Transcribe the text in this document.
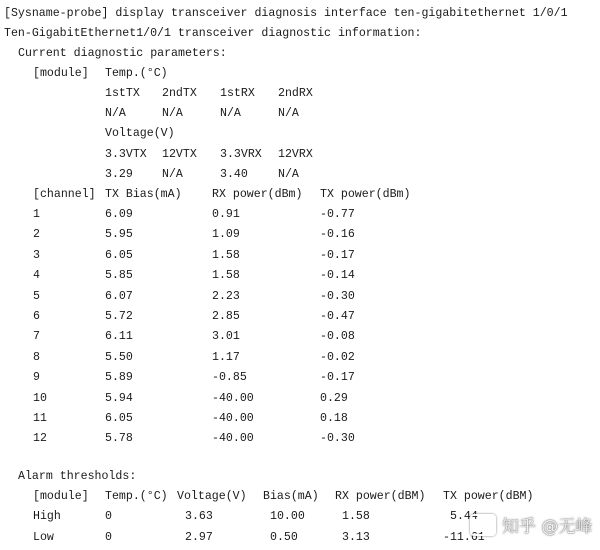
[Sysname-probe] display transceiver diagnosis interface ten-gigabitethernet 1/0/1
Ten-GigabitEthernet1/0/1 transceiver diagnostic information:
Current diagnostic parameters:
[module] Temp.(°C)
1stTX 2ndTX 1stRX 2ndRX
N/A	N/A	N/A	N/A
Voltage(V)
3.3VTX 12VTX 3.3VRX 12VRX
3.29	N/A	3.40	N/A
[channel] TX Bias(mA)	RX power(dBm) TX power(dBm)
1	6.09	0.91	-0.77
2	5.95	1.09	-0.16
3	6.05	1.58	-0.17
4	5.85	1.58	-0.14
5	6.07	2.23	-0.30
6	5.72	2.85	-0.47
7	6.11	3.01	-0.08
8	5.50	1.17	-0.02
9	5.89	-0.85	-0.17
10	5.94	-40.00	0.29
11	6.05	-40.00	0.18
12	5.78	-40.00	-0.30
Alarm thresholds:
[module] Temp.(°C) Voltage(V) Bias(mA) RX power(dBM) TX power(dBM)
High	0	3.63	10.00	1.58	5.44
Low	0	2.97	0.50	3.13	-11.61 知乎 @无峰
